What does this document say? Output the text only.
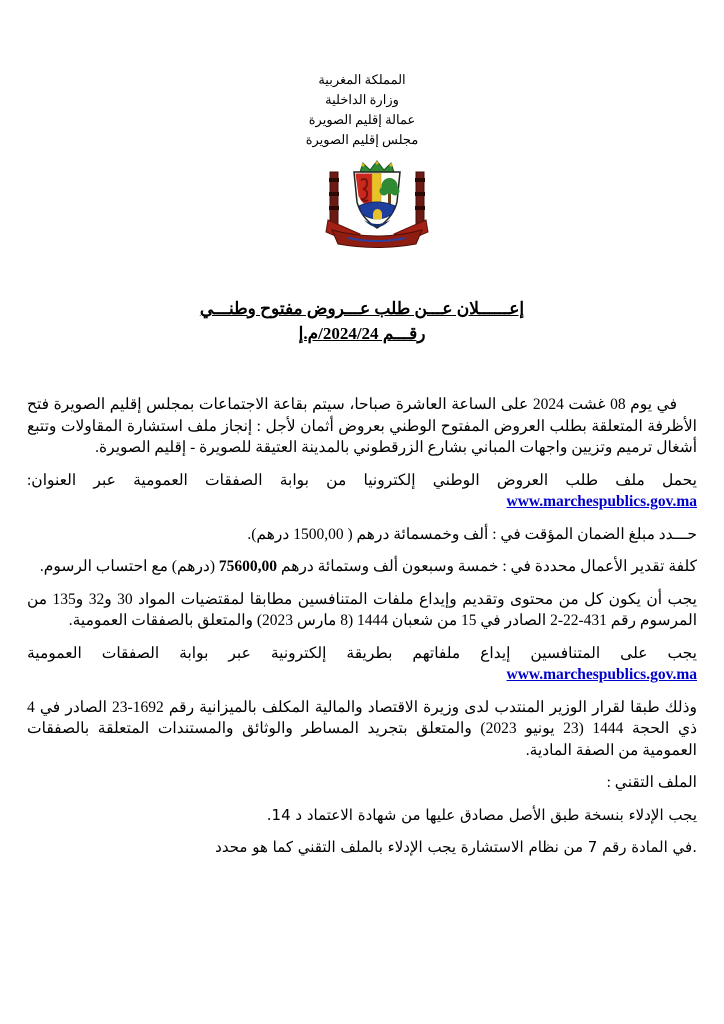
المملكة المغربية
وزارة الداخلية
عمالة إقليم الصويرة
مجلس إقليم الصويرة
إعــــــلان عـــن طلب عـــروض مفتوح وطنـــي
رقـــم 2024/24/م.إ

في يوم 08 غشت 2024 على الساعة العاشرة صباحا، سيتم بقاعة الاجتماعات بمجلس إقليم الصويرة فتح الأظرفة المتعلقة بطلب العروض المفتوح الوطني بعروض أثمان لأجل : إنجاز ملف استشارة المقاولات وتتبع أشغال ترميم وتزيين واجهات المباني بشارع الزرقطوني بالمدينة العتيقة للصويرة - إقليم الصويرة.

يحمل ملف طلب العروض الوطني إلكترونيا من بوابة الصفقات العمومية عبر العنوان: www.marchespublics.gov.ma

حـــدد مبلغ الضمان المؤقت في : ألف وخمسمائة درهم ( 1500,00 درهم).

كلفة تقدير الأعمال محددة في : خمسة وسبعون ألف وستمائة درهم 75600,00 (درهم) مع احتساب الرسوم.

يجب أن يكون كل من محتوى وتقديم وإيداع ملفات المتنافسين مطابقا لمقتضيات المواد 30 و32 و135 من المرسوم رقم 431-22-2 الصادر في 15 من شعبان 1444 (8 مارس 2023) والمتعلق بالصفقات العمومية.

يجب على المتنافسين إيداع ملفاتهم بطريقة إلكترونية عبر بوابة الصفقات العمومية www.marchespublics.gov.ma

وذلك طبقا لقرار الوزير المنتدب لدى وزيرة الاقتصاد والمالية المكلف بالميزانية رقم 1692-23 الصادر في 4 ذي الحجة 1444 (23 يونيو 2023) والمتعلق بتجريد المساطر والوثائق والمستندات المتعلقة بالصفقات العمومية من الصفة المادية.

الملف التقني :

يجب الإدلاء بنسخة طبق الأصل مصادق عليها من شهادة الاعتماد د 14.

.في المادة رقم 7 من نظام الاستشارة يجب الإدلاء بالملف التقني كما هو محدد
